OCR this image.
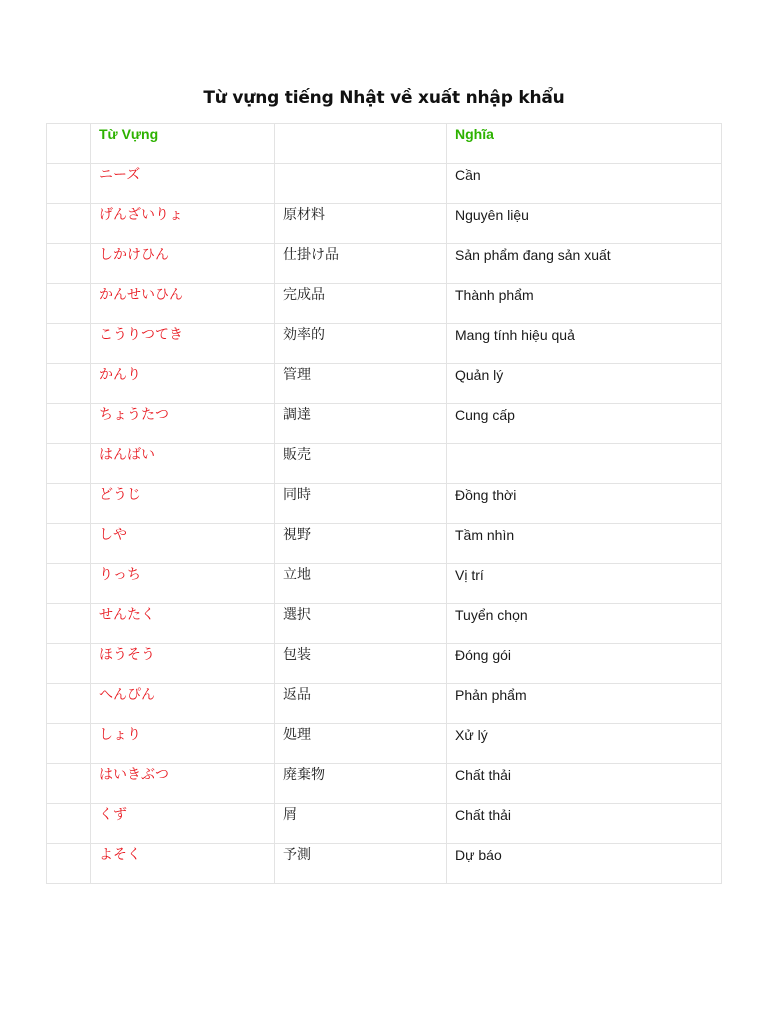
Từ vựng tiếng Nhật về xuất nhập khẩu
	Từ Vựng		Nghĩa
	ニーズ		Cần
	げんざいりょ	原材料	Nguyên liệu
	しかけひん	仕掛け品	Sản phẩm đang sản xuất
	かんせいひん	完成品	Thành phẩm
	こうりつてき	効率的	Mang tính hiệu quả
	かんり	管理	Quản lý
	ちょうたつ	調達	Cung cấp
	はんばい	販売	
	どうじ	同時	Đồng thời
	しや	視野	Tầm nhìn
	りっち	立地	Vị trí
	せんたく	選択	Tuyển chọn
	ほうそう	包装	Đóng gói
	へんぴん	返品	Phản phẩm
	しょり	処理	Xử lý
	はいきぶつ	廃棄物	Chất thải
	くず	屑	Chất thải
	よそく	予測	Dự báo
